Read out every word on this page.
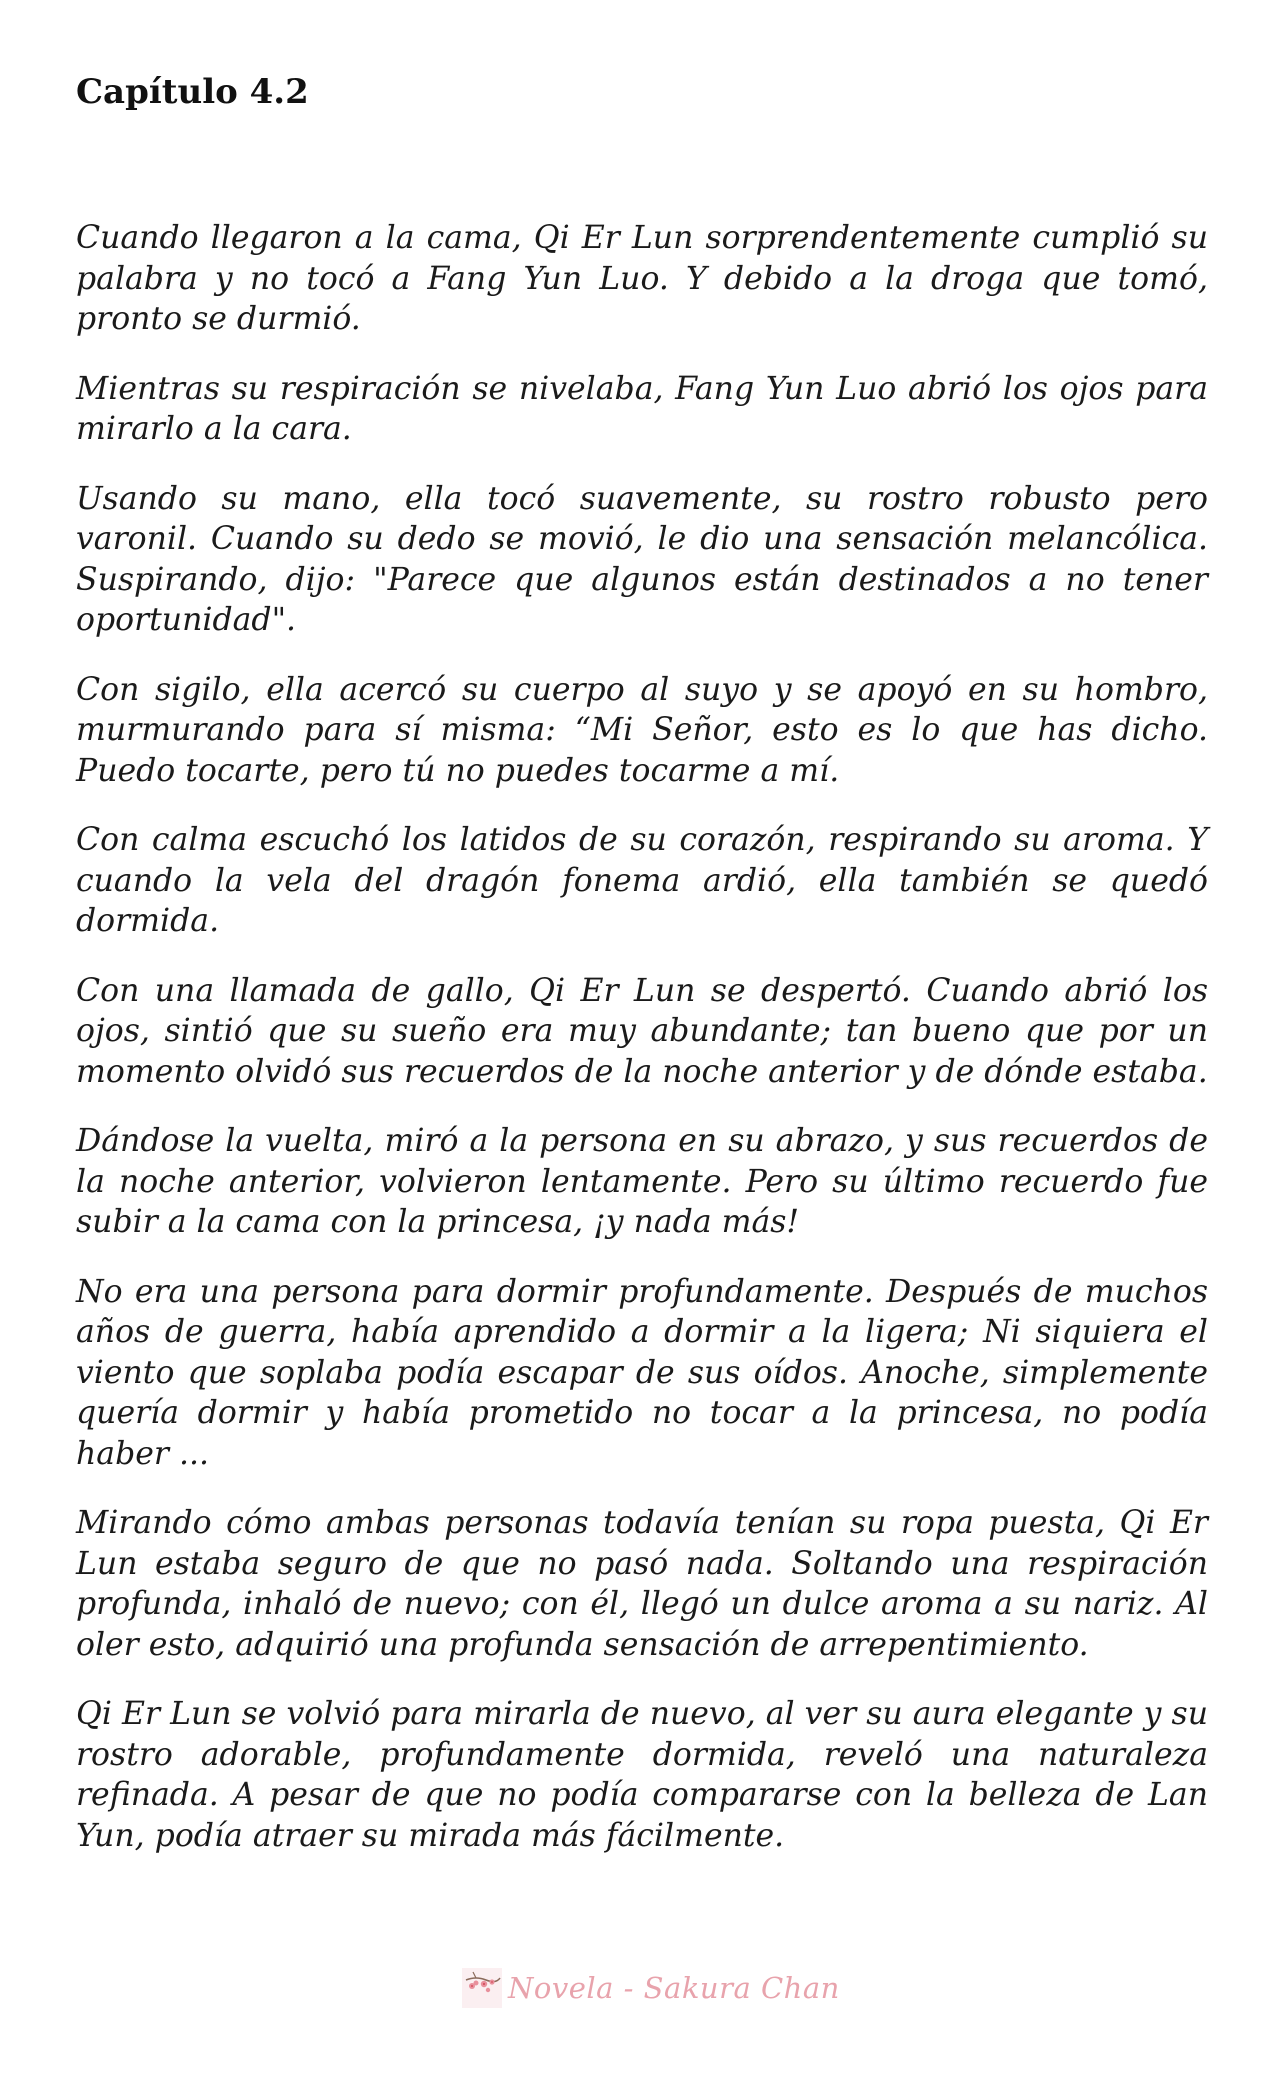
Capítulo 4.2

Cuando llegaron a la cama, Qi Er Lun sorprendentemente cumplió su palabra y no tocó a Fang Yun Luo. Y debido a la droga que tomó, pronto se durmió.

Mientras su respiración se nivelaba, Fang Yun Luo abrió los ojos para mirarlo a la cara.

Usando su mano, ella tocó suavemente, su rostro robusto pero varonil. Cuando su dedo se movió, le dio una sensación melancólica. Suspirando, dijo: "Parece que algunos están destinados a no tener oportunidad".

Con sigilo, ella acercó su cuerpo al suyo y se apoyó en su hombro, murmurando para sí misma: “Mi Señor, esto es lo que has dicho. Puedo tocarte, pero tú no puedes tocarme a mí.

Con calma escuchó los latidos de su corazón, respirando su aroma. Y cuando la vela del dragón fonema ardió, ella también se quedó dormida.

Con una llamada de gallo, Qi Er Lun se despertó. Cuando abrió los ojos, sintió que su sueño era muy abundante; tan bueno que por un momento olvidó sus recuerdos de la noche anterior y de dónde estaba.

Dándose la vuelta, miró a la persona en su abrazo, y sus recuerdos de la noche anterior, volvieron lentamente. Pero su último recuerdo fue subir a la cama con la princesa, ¡y nada más!

No era una persona para dormir profundamente. Después de muchos años de guerra, había aprendido a dormir a la ligera; Ni siquiera el viento que soplaba podía escapar de sus oídos. Anoche, simplemente quería dormir y había prometido no tocar a la princesa, no podía haber ...

Mirando cómo ambas personas todavía tenían su ropa puesta, Qi Er Lun estaba seguro de que no pasó nada. Soltando una respiración profunda, inhaló de nuevo; con él, llegó un dulce aroma a su nariz. Al oler esto, adquirió una profunda sensación de arrepentimiento.

Qi Er Lun se volvió para mirarla de nuevo, al ver su aura elegante y su rostro adorable, profundamente dormida, reveló una naturaleza refinada. A pesar de que no podía compararse con la belleza de Lan Yun, podía atraer su mirada más fácilmente.

Novela - Sakura Chan
